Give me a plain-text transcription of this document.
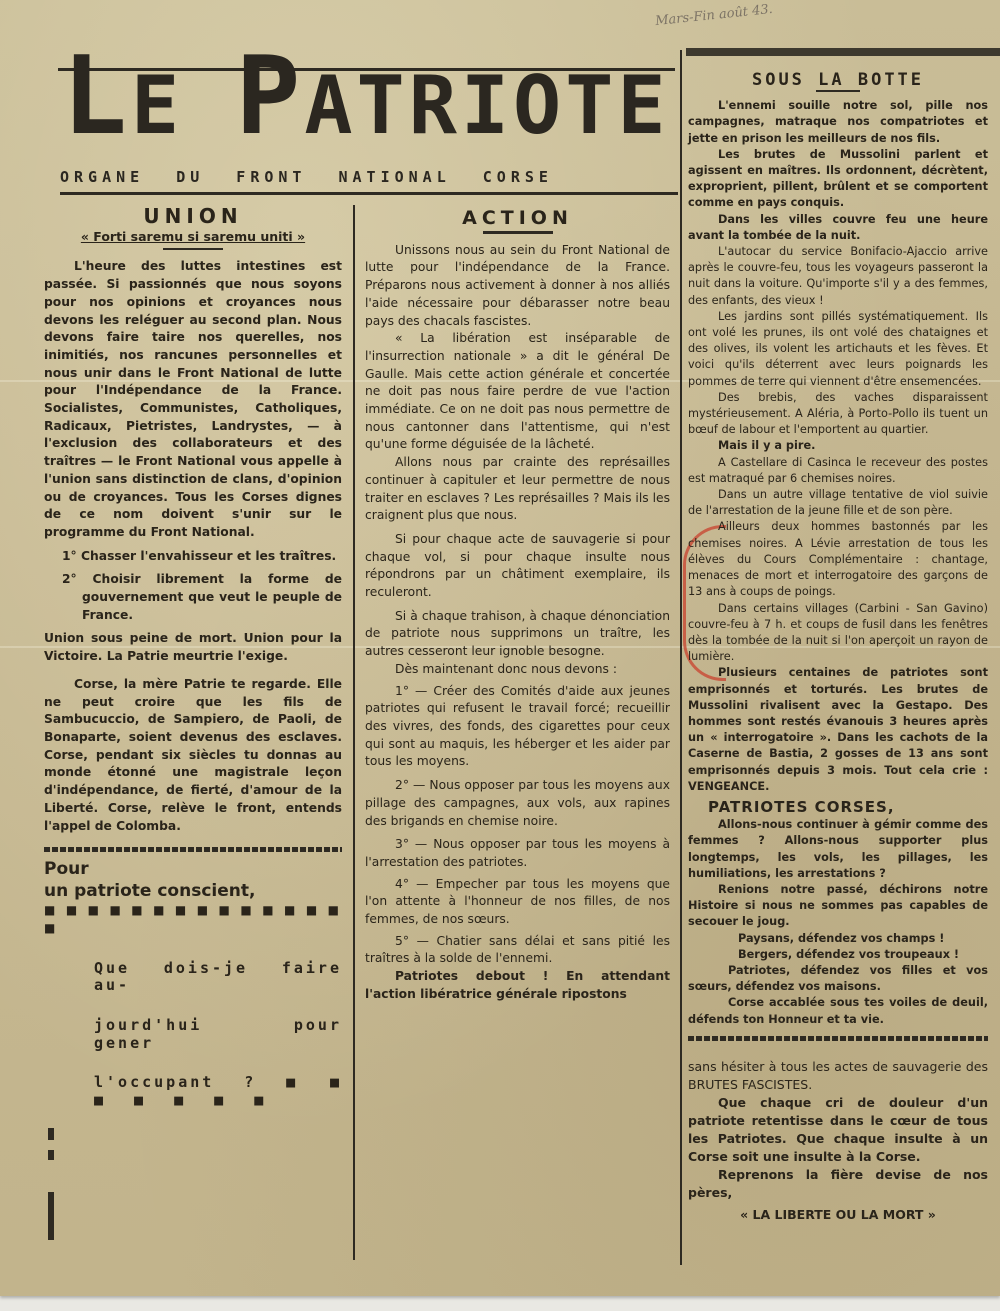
Mars-Fin août 43.
LE PATRIOTE
ORGANE DU FRONT NATIONAL CORSE
UNION
« Forti saremu si saremu uniti »

L'heure des luttes intestines est passée. Si passionnés que nous soyons pour nos opinions et croyances nous devons les reléguer au second plan. Nous devons faire taire nos querelles, nos inimitiés, nos rancunes personnelles et nous unir dans le Front National de lutte pour l'Indépendance de la France. Socialistes, Communistes, Catholiques, Radicaux, Pietristes, Landrystes, — à l'exclusion des collaborateurs et des traîtres — le Front National vous appelle à l'union sans distinction de clans, d'opinion ou de croyances. Tous les Corses dignes de ce nom doivent s'unir sur le programme du Front National.

1° Chasser l'envahisseur et les traîtres.
2° Choisir librement la forme de gouvernement que veut le peuple de France.

Union sous peine de mort. Union pour la Victoire. La Patrie meurtrie l'exige.

Corse, la mère Patrie te regarde. Elle ne peut croire que les fils de Sambucuccio, de Sampiero, de Paoli, de Bonaparte, soient devenus des esclaves. Corse, pendant six siècles tu donnas au monde étonné une magistrale leçon d'indépendance, de fierté, d'amour de la Liberté. Corse, relève le front, entends l'appel de Colomba.

Pour
un patriote conscient,
■ ■ ■ ■ ■ ■ ■ ■ ■ ■ ■ ■ ■ ■ ■
Que dois-je faire au-
jourd'hui pour gener
l'occupant ? ■ ■ ■ ■ ■ ■ ■
ACTION

Unissons nous au sein du Front National de lutte pour l'indépendance de la France. Préparons nous activement à donner à nos alliés l'aide nécessaire pour débarasser notre beau pays des chacals fascistes.

« La libération est inséparable de l'insurrection nationale » a dit le général De Gaulle. Mais cette action générale et concertée ne doit pas nous faire perdre de vue l'action immédiate. Ce on ne doit pas nous permettre de nous cantonner dans l'attentisme, qui n'est qu'une forme déguisée de la lâcheté.

Allons nous par crainte des représailles continuer à capituler et leur permettre de nous traiter en esclaves ? Les représailles ? Mais ils les craignent plus que nous.

Si pour chaque acte de sauvagerie si pour chaque vol, si pour chaque insulte nous répondrons par un châtiment exemplaire, ils reculeront.

Si à chaque trahison, à chaque dénonciation de patriote nous supprimons un traître, les autres cesseront leur ignoble besogne.

Dès maintenant donc nous devons :

1° — Créer des Comités d'aide aux jeunes patriotes qui refusent le travail forcé; recueillir des vivres, des fonds, des cigarettes pour ceux qui sont au maquis, les héberger et les aider par tous les moyens.

2° — Nous opposer par tous les moyens aux pillage des campagnes, aux vols, aux rapines des brigands en chemise noire.

3° — Nous opposer par tous les moyens à l'arrestation des patriotes.

4° — Empecher par tous les moyens que l'on attente à l'honneur de nos filles, de nos femmes, de nos sœurs.

5° — Chatier sans délai et sans pitié les traîtres à la solde de l'ennemi.

Patriotes debout ! En attendant l'action libératrice générale ripostons

SOUS LA BOTTE

L'ennemi souille notre sol, pille nos campagnes, matraque nos compatriotes et jette en prison les meilleurs de nos fils.

Les brutes de Mussolini parlent et agissent en maîtres. Ils ordonnent, décrètent, exproprient, pillent, brûlent et se comportent comme en pays conquis.

Dans les villes couvre feu une heure avant la tombée de la nuit.

L'autocar du service Bonifacio-Ajaccio arrive après le couvre-feu, tous les voyageurs passeront la nuit dans la voiture. Qu'importe s'il y a des femmes, des enfants, des vieux !

Les jardins sont pillés systématiquement. Ils ont volé les prunes, ils ont volé des chataignes et des olives, ils volent les artichauts et les fèves. Et voici qu'ils déterrent avec leurs poignards les pommes de terre qui viennent d'être ensemencées.

Des brebis, des vaches disparaissent mystérieusement. A Aléria, à Porto-Pollo ils tuent un bœuf de labour et l'emportent au quartier.

Mais il y a pire.

A Castellare di Casinca le receveur des postes est matraqué par 6 chemises noires.

Dans un autre village tentative de viol suivie de l'arrestation de la jeune fille et de son père.

Ailleurs deux hommes bastonnés par les chemises noires. A Lévie arrestation de tous les élèves du Cours Complémentaire : chantage, menaces de mort et interrogatoire des garçons de 13 ans à coups de poings.

Dans certains villages (Carbini - San Gavino) couvre-feu à 7 h. et coups de fusil dans les fenêtres dès la tombée de la nuit si l'on aperçoit un rayon de lumière.

Plusieurs centaines de patriotes sont emprisonnés et torturés. Les brutes de Mussolini rivalisent avec la Gestapo. Des hommes sont restés évanouis 3 heures après un « interrogatoire ». Dans les cachots de la Caserne de Bastia, 2 gosses de 13 ans sont emprisonnés depuis 3 mois. Tout cela crie : VENGEANCE.

PATRIOTES CORSES,

Allons-nous continuer à gémir comme des femmes ? Allons-nous supporter plus longtemps, les vols, les pillages, les humiliations, les arrestations ?

Renions notre passé, déchirons notre Histoire si nous ne sommes pas capables de secouer le joug.

Paysans, défendez vos champs !

Bergers, défendez vos troupeaux !

Patriotes, défendez vos filles et vos sœurs, défendez vos maisons.

Corse accablée sous tes voiles de deuil, défends ton Honneur et ta vie.

sans hésiter à tous les actes de sauvagerie des BRUTES FASCISTES.

Que chaque cri de douleur d'un patriote retentisse dans le cœur de tous les Patriotes. Que chaque insulte à un Corse soit une insulte à la Corse.

Reprenons la fière devise de nos pères,

« LA LIBERTE OU LA MORT »
